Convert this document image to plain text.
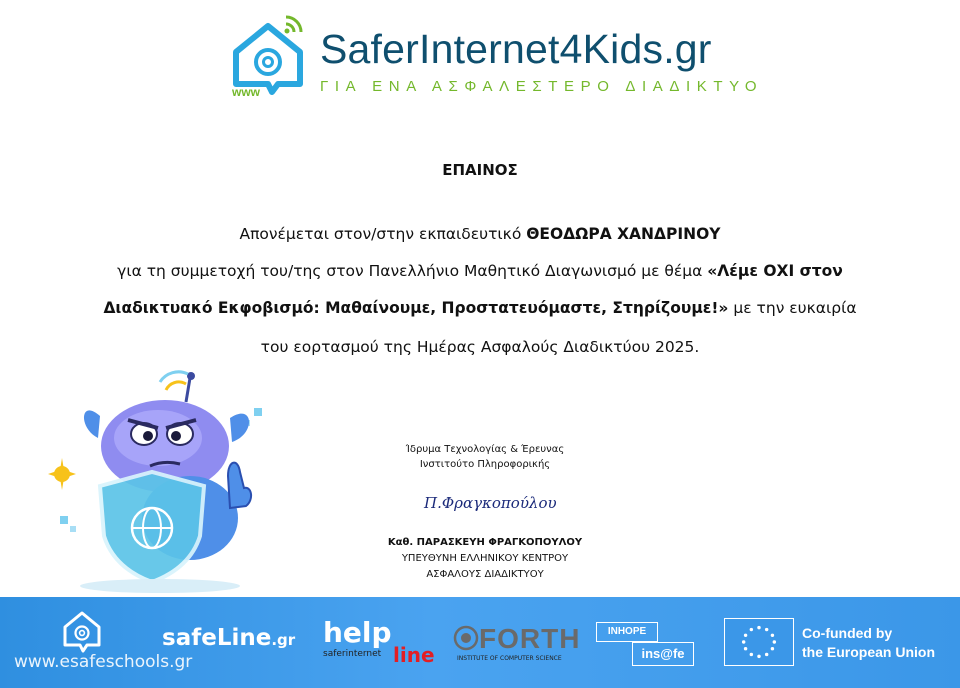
www
SaferInternet4Kids.gr
ΓΙΑ ΕΝΑ ΑΣΦΑΛΕΣΤΕΡΟ ΔΙΑΔΙΚΤΥΟ
ΕΠΑΙΝΟΣ
Απονέμεται στον/στην εκπαιδευτικό ΘΕΟΔΩΡΑ ΧΑΝΔΡΙΝΟΥ
για τη συμμετοχή του/της στον Πανελλήνιο Μαθητικό Διαγωνισμό με θέμα «Λέμε ΟΧΙ στον
Διαδικτυακό Εκφοβισμό: Μαθαίνουμε, Προστατευόμαστε, Στηρίζουμε!» με την ευκαιρία
του εορτασμού της Ημέρας Ασφαλούς Διαδικτύου 2025.
Ίδρυμα Τεχνολογίας & Έρευνας
Ινστιτούτο Πληροφορικής
Π.Φραγκοπούλου
Καθ. ΠΑΡΑΣΚΕΥΗ ΦΡΑΓΚΟΠΟΥΛΟΥ
ΥΠΕΥΘΥΝΗ ΕΛΛΗΝΙΚΟΥ ΚΕΝΤΡΟΥ
ΑΣΦΑΛΟΥΣ ΔΙΑΔΙΚΤΥΟΥ
www.esafeschools.gr
safeLine.gr help
line
saferinternet	FORTH
INSTITUTE OF COMPUTER SCIENCE
INHOPE
ins@fe
Co-funded by
the European Union
